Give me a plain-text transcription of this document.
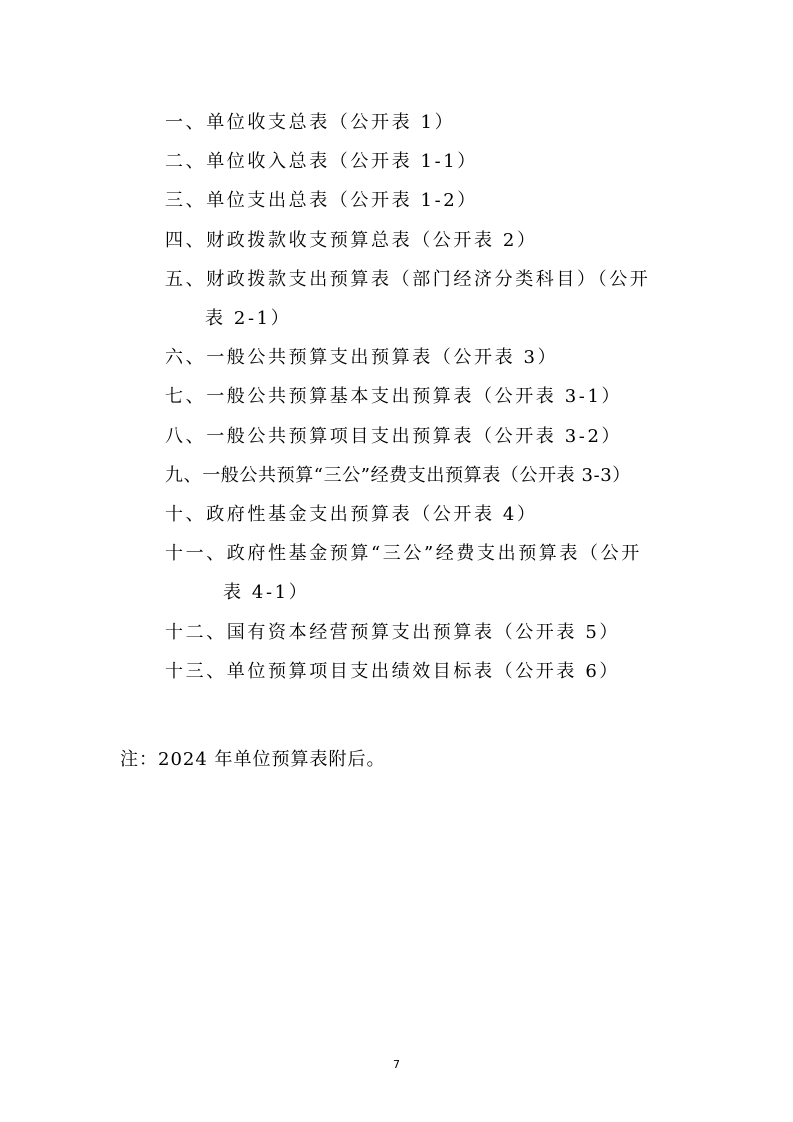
一、单位收支总表（公开表 1）
二、单位收入总表（公开表 1-1）
三、单位支出总表（公开表 1-2）
四、财政拨款收支预算总表（公开表 2）
五、财政拨款支出预算表（部门经济分类科目）（公开
表 2-1）
六、一般公共预算支出预算表（公开表 3）
七、一般公共预算基本支出预算表（公开表 3-1）
八、一般公共预算项目支出预算表（公开表 3-2）
九、一般公共预算“三公”经费支出预算表（公开表 3-3）
十、政府性基金支出预算表（公开表 4）
十一、政府性基金预算“三公”经费支出预算表（公开
表 4-1）
十二、国有资本经营预算支出预算表（公开表 5）
十三、单位预算项目支出绩效目标表（公开表 6）
注：2024 年单位预算表附后。
7
